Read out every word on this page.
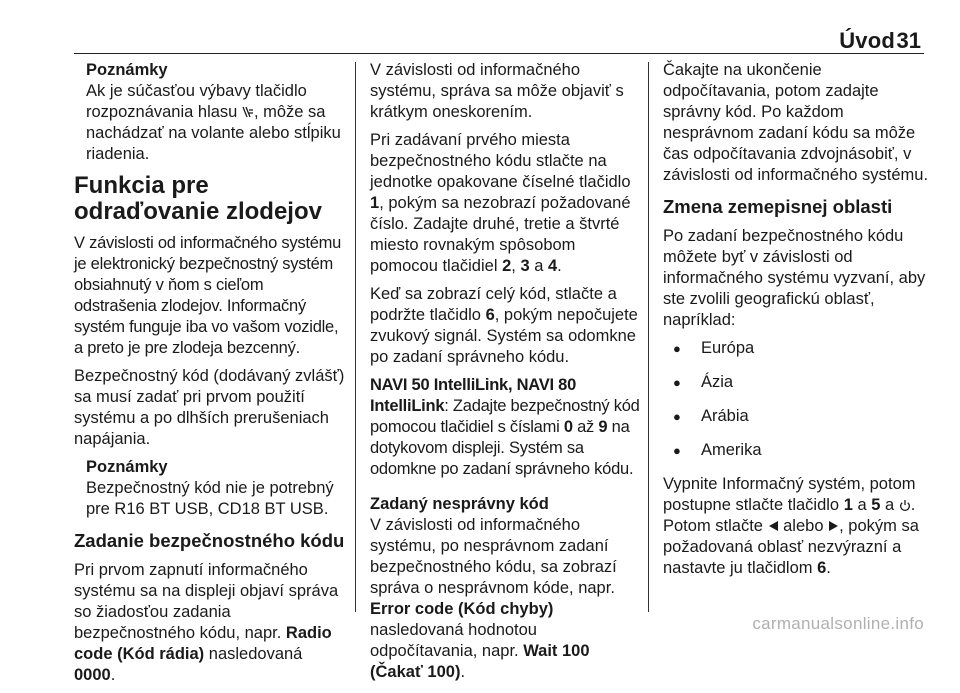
Úvod 31
Poznámky
Ak je súčasťou výbavy tlačidlo rozpoznávania hlasu , môže sa nachádzať na volante alebo stĺpiku riadenia.
Funkcia pre odraďovanie zlodejov

V závislosti od informačného systému je elektronický bezpečnostný systém obsiahnutý v ňom s cieľom odstrašenia zlodejov. Informačný systém funguje iba vo vašom vozidle, a preto je pre zlodeja bezcenný.

Bezpečnostný kód (dodávaný zvlášť) sa musí zadať pri prvom použití systému a po dlhších prerušeniach napájania.

Poznámky
Bezpečnostný kód nie je potrebný pre R16 BT USB, CD18 BT USB.
Zadanie bezpečnostného kódu

Pri prvom zapnutí informačného systému sa na displeji objaví správa so žiadosťou zadania bezpečnostného kódu, napr. Radio code (Kód rádia) nasledovaná 0000.

V závislosti od informačného systému, správa sa môže objaviť s krátkym oneskorením.

Pri zadávaní prvého miesta bezpečnostného kódu stlačte na jednotke opakovane číselné tlačidlo 1, pokým sa nezobrazí požadované číslo. Zadajte druhé, tretie a štvrté miesto rovnakým spôsobom pomocou tlačidiel 2, 3 a 4.

Keď sa zobrazí celý kód, stlačte a podržte tlačidlo 6, pokým nepočujete zvukový signál. Systém sa odomkne po zadaní správneho kódu.

NAVI 50 IntelliLink, NAVI 80 IntelliLink: Zadajte bezpečnostný kód pomocou tlačidiel s číslami 0 až 9 na dotykovom displeji. Systém sa odomkne po zadaní správneho kódu.

Zadaný nesprávny kód

V závislosti od informačného systému, po nesprávnom zadaní bezpečnostného kódu, sa zobrazí správa o nesprávnom kóde, napr. Error code (Kód chyby) nasledovaná hodnotou odpočítavania, napr. Wait 100 (Čakať 100).

Čakajte na ukončenie odpočítavania, potom zadajte správny kód. Po každom nesprávnom zadaní kódu sa môže čas odpočítavania zdvojnásobiť, v závislosti od informačného systému.

Zmena zemepisnej oblasti

Po zadaní bezpečnostného kódu môžete byť v závislosti od informačného systému vyzvaní, aby ste zvolili geografickú oblasť, napríklad:

● Európa
● Ázia
● Arábia
● Amerika

Vypnite Informačný systém, potom postupne stlačte tlačidlo 1 a 5 a . Potom stlačte  alebo , pokým sa požadovaná oblasť nezvýrazní a nastavte ju tlačidlom 6.

carmanualsonline.info
